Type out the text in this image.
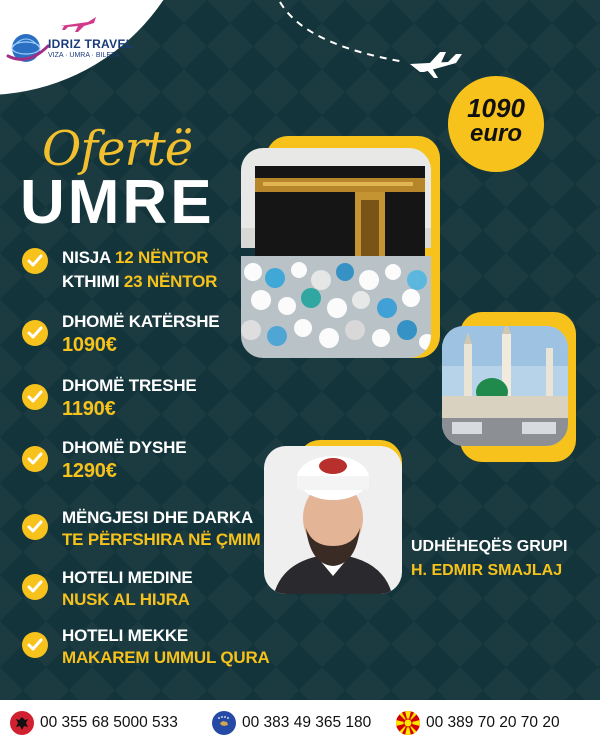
IDRIZ TRAVEL
VIZA · UMRA · BILETA
1090
euro
Ofertë
UMRE
UDHËHEQËS GRUPI
H. EDMIR SMAJLAJ
NISJA 12 NËNTOR
KTHIMI 23 NËNTOR
DHOMË KATËRSHE
1090€
DHOMË TRESHE
1190€
DHOMË DYSHE
1290€
MËNGJESI DHE DARKA
TE PËRFSHIRA NË ÇMIM
HOTELI MEDINE
NUSK AL HIJRA
HOTELI MEKKE
MAKAREM UMMUL QURA
00 355 68 5000 533	00 383 49 365 180	00 389 70 20 70 20
